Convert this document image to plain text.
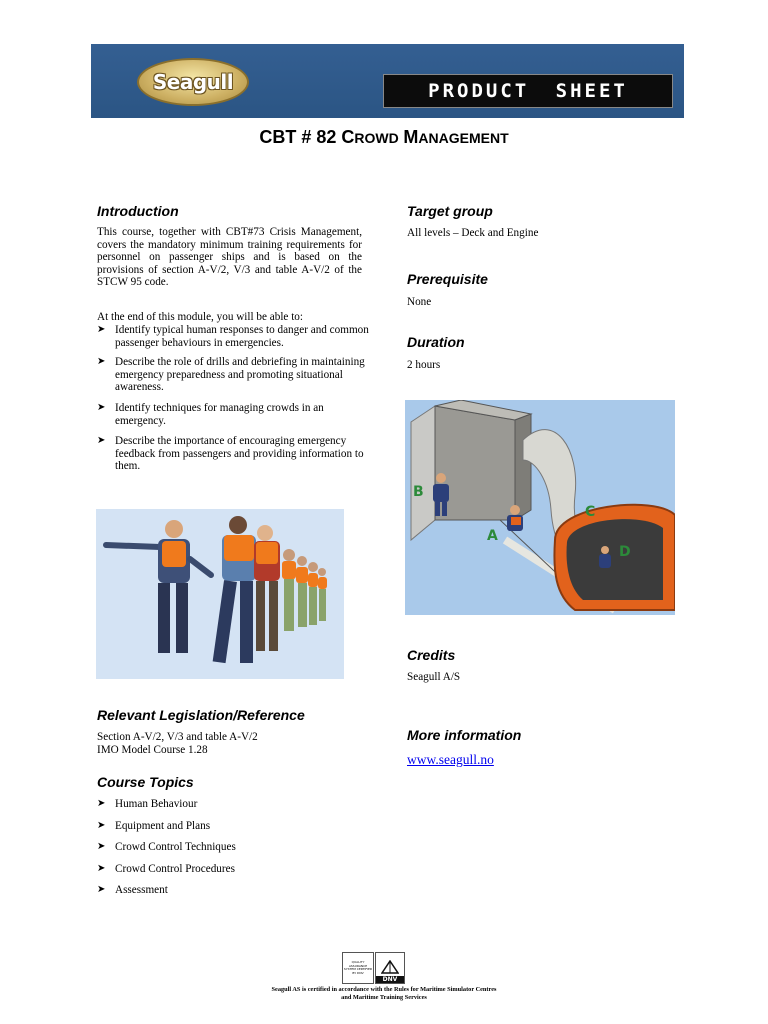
Seagull	PRODUCT SHEET
CBT # 82 CROWD MANAGEMENT
Introduction
This course, together with CBT#73 Crisis Management, covers the mandatory minimum training requirements for personnel on passenger ships and is based on the provisions of section A-V/2, V/3 and table A-V/2 of the STCW 95 code.
At the end of this module, you will be able to:
➤ Identify typical human responses to danger and common passenger behaviours in emergencies.
➤ Describe the role of drills and debriefing in maintaining emergency preparedness and promoting situational awareness.
➤ Identify techniques for managing crowds in an emergency.
➤ Describe the importance of encouraging emergency feedback from passengers and providing information to them.
Relevant Legislation/Reference
Section A-V/2, V/3 and table A-V/2
IMO Model Course 1.28
Course Topics
➤ Human Behaviour
➤ Equipment and Plans
➤ Crowd Control Techniques
➤ Crowd Control Procedures
➤ Assessment
Target group
All levels – Deck and Engine
Prerequisite
None
Duration
2 hours
B
A
C
D
Credits
Seagull A/S
More information
www.seagull.no
QUALITY ASSURANCE SYSTEM CERTIFIED BY DNV
DNV
Seagull AS is certified in accordance with the Rules for Maritime Simulator Centres
and Maritime Training Services
